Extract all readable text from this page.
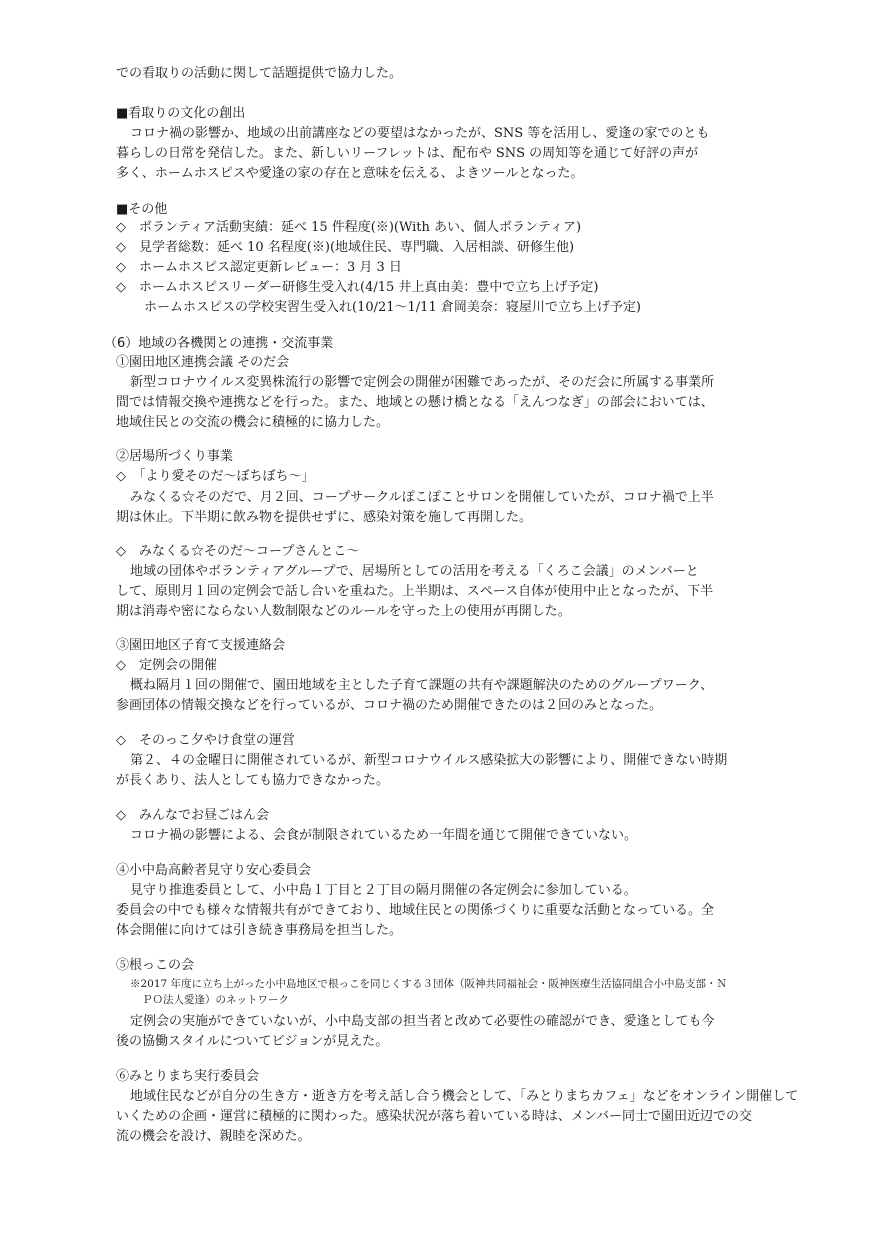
での看取りの活動に関して話題提供で協力した。
■看取りの文化の創出
コロナ禍の影響か、地域の出前講座などの要望はなかったが、SNS 等を活用し、愛逢の家でのとも
暮らしの日常を発信した。また、新しいリーフレットは、配布や SNS の周知等を通じて好評の声が
多く、ホームホスピスや愛逢の家の存在と意味を伝える、よきツールとなった。
■その他
◇　ボランティア活動実績：延べ 15 件程度(※)(With あい、個人ボランティア)
◇　見学者総数：延べ 10 名程度(※)(地域住民、専門職、入居相談、研修生他)
◇　ホームホスピス認定更新レビュー：3 月 3 日
◇　ホームホスピスリーダー研修生受入れ(4/15 井上真由美：豊中で立ち上げ予定)
ホームホスピスの学校実習生受入れ(10/21～1/11 倉岡美奈：寝屋川で立ち上げ予定)
（6）地域の各機関との連携・交流事業
①園田地区連携会議 そのだ会
新型コロナウイルス変異株流行の影響で定例会の開催が困難であったが、そのだ会に所属する事業所
間では情報交換や連携などを行った。また、地域との懸け橋となる「えんつなぎ」の部会においては、
地域住民との交流の機会に積極的に協力した。
②居場所づくり事業
◇　「より愛そのだ～ぼちぼち～」
みなくる☆そのだで、月２回、コープサークルぽこぽことサロンを開催していたが、コロナ禍で上半
期は休止。下半期に飲み物を提供せずに、感染対策を施して再開した。
◇　みなくる☆そのだ～コープさんとこ～
地域の団体やボランティアグループで、居場所としての活用を考える「くろこ会議」のメンバーと
して、原則月１回の定例会で話し合いを重ねた。上半期は、スペース自体が使用中止となったが、下半
期は消毒や密にならない人数制限などのルールを守った上の使用が再開した。
③園田地区子育て支援連絡会
◇　定例会の開催
概ね隔月１回の開催で、園田地域を主とした子育て課題の共有や課題解決のためのグループワーク、
参画団体の情報交換などを行っているが、コロナ禍のため開催できたのは２回のみとなった。
◇　そのっこ夕やけ食堂の運営
第２、４の金曜日に開催されているが、新型コロナウイルス感染拡大の影響により、開催できない時期
が長くあり、法人としても協力できなかった。
◇　みんなでお昼ごはん会
コロナ禍の影響による、会食が制限されているため一年間を通じて開催できていない。
④小中島高齢者見守り安心委員会
見守り推進委員として、小中島１丁目と２丁目の隔月開催の各定例会に参加している。
委員会の中でも様々な情報共有ができており、地域住民との関係づくりに重要な活動となっている。全
体会開催に向けては引き続き事務局を担当した。
⑤根っこの会
※2017 年度に立ち上がった小中島地区で根っこを同じくする３団体（阪神共同福祉会・阪神医療生活協同組合小中島支部・Ｎ
ＰＯ法人愛逢）のネットワーク
定例会の実施ができていないが、小中島支部の担当者と改めて必要性の確認ができ、愛逢としても今
後の協働スタイルについてビジョンが見えた。
⑥みとりまち実行委員会
地域住民などが自分の生き方・逝き方を考え話し合う機会として、「みとりまちカフェ」などをオンライン開催して
いくための企画・運営に積極的に関わった。感染状況が落ち着いている時は、メンバー同士で園田近辺での交
流の機会を設け、親睦を深めた。
